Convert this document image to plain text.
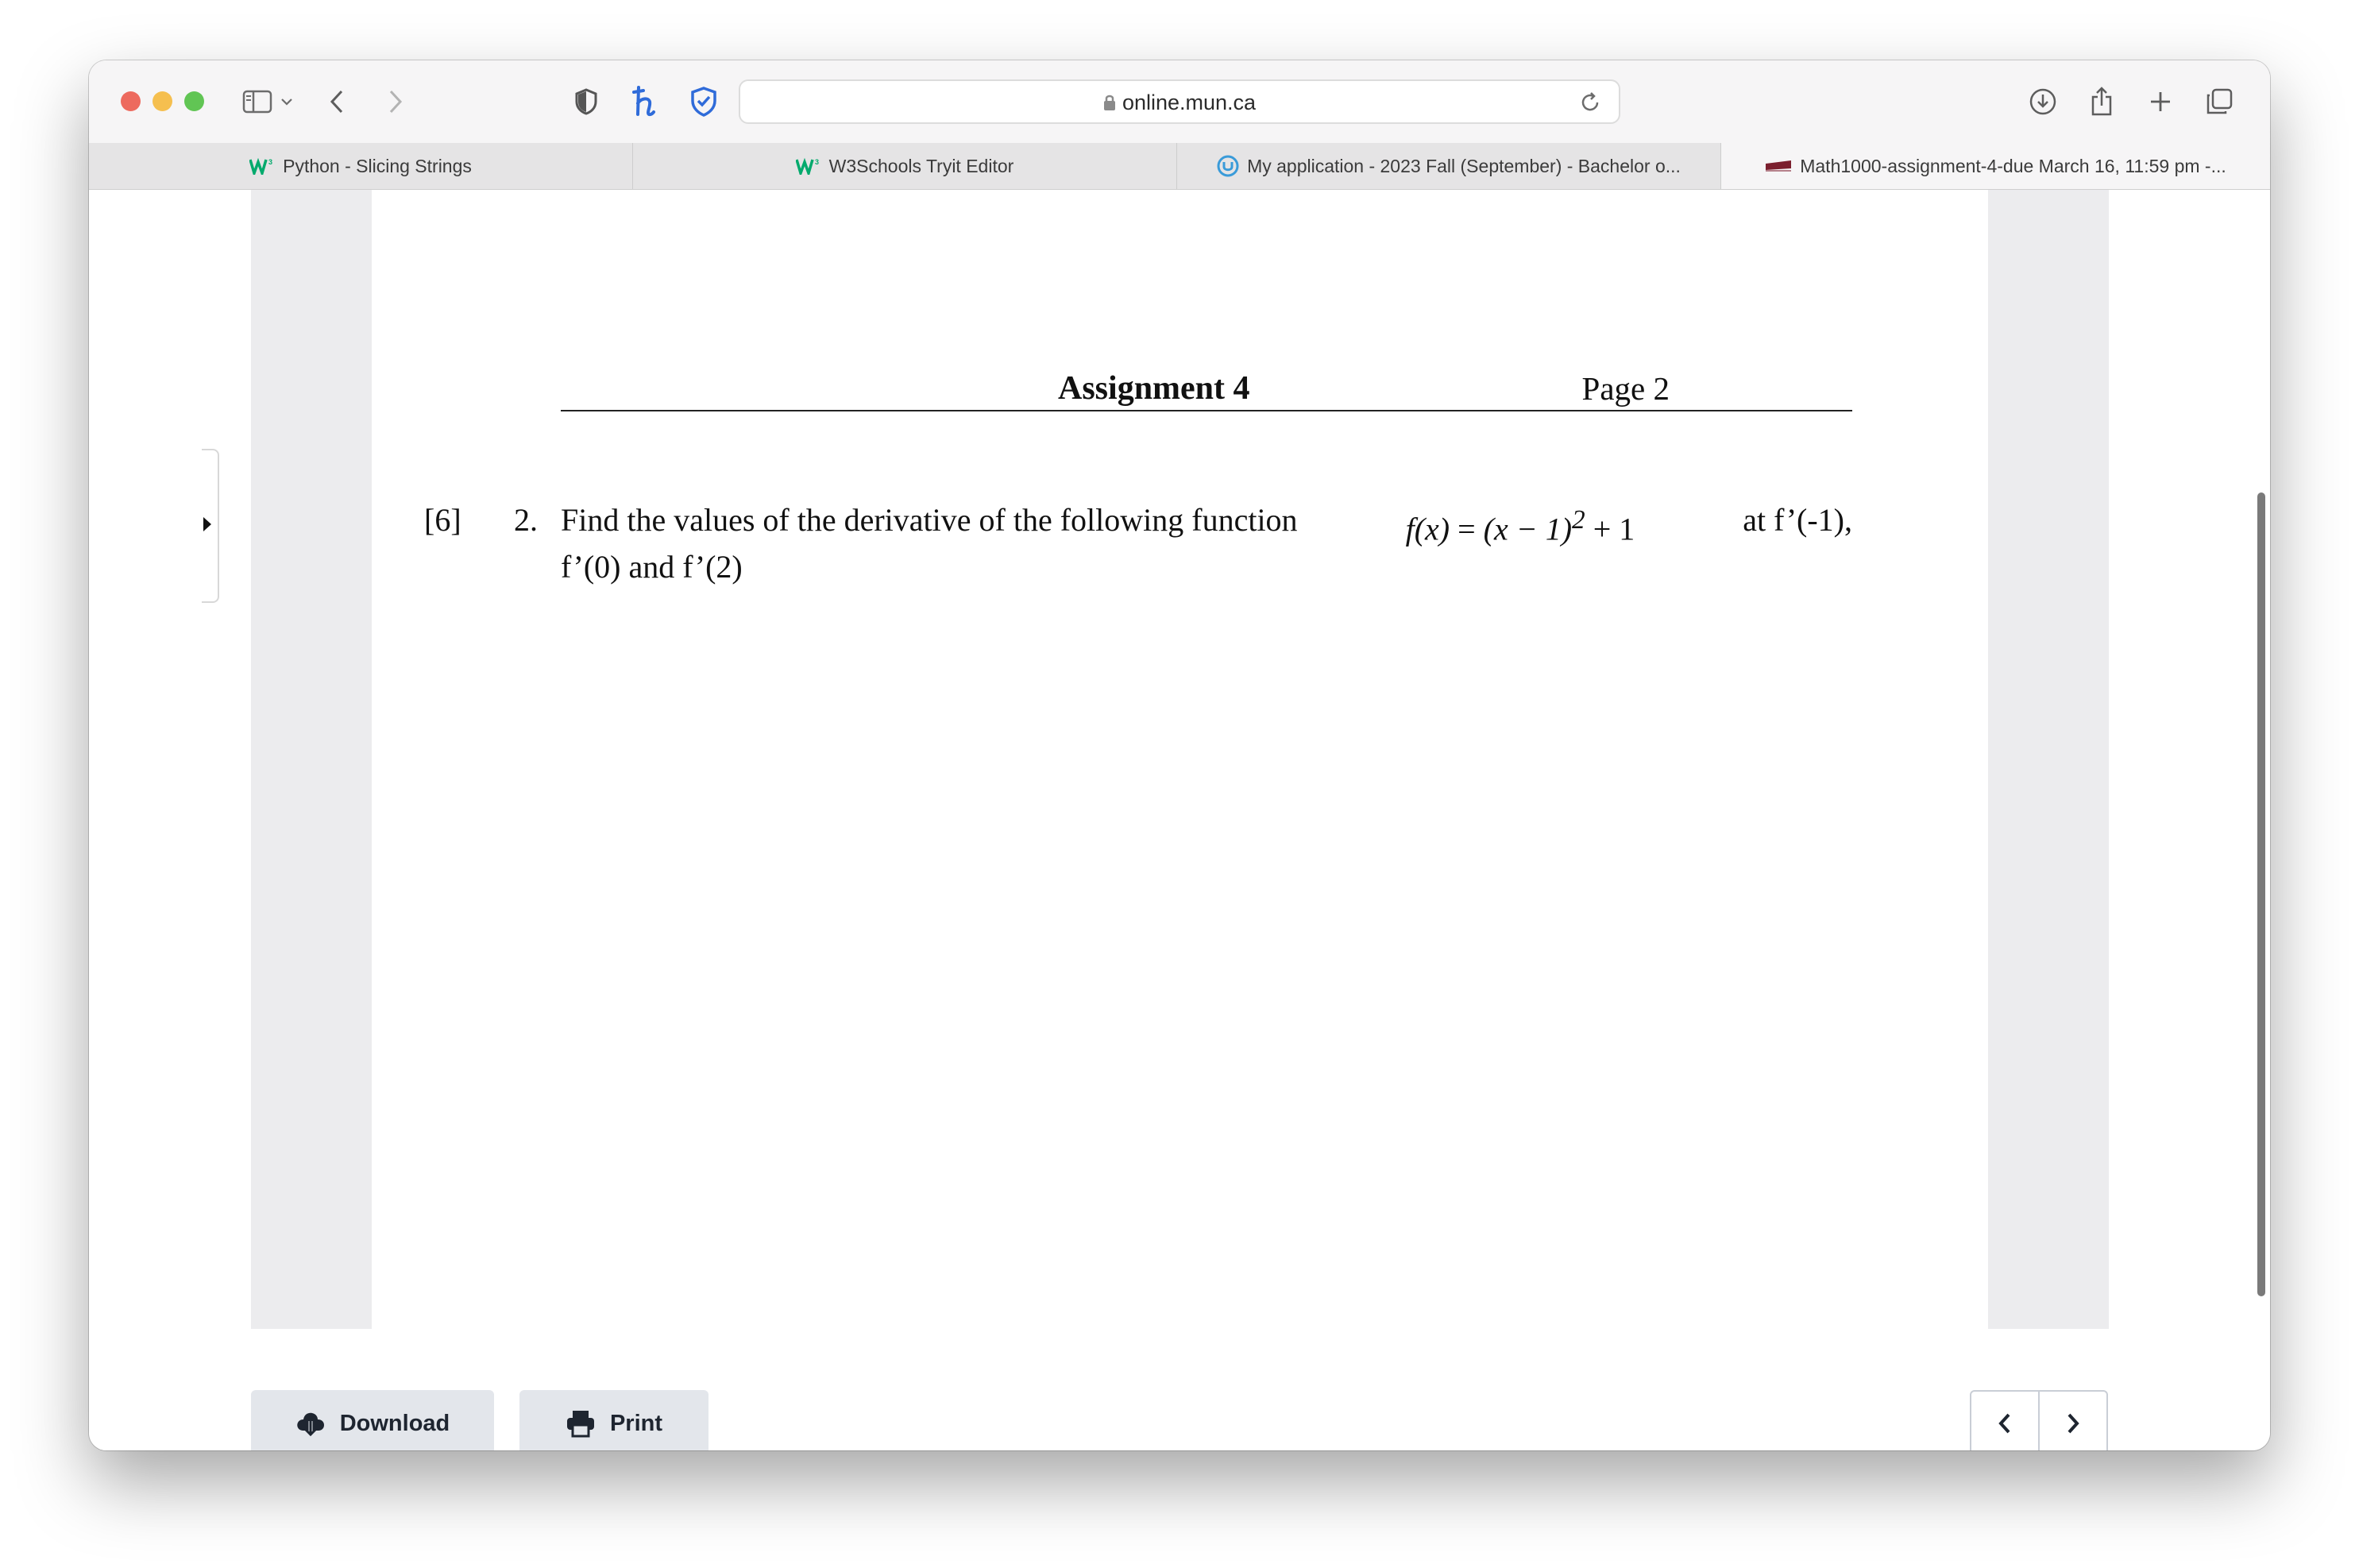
online.mun.ca
3 Python - Slicing Strings	3 W3Schools Tryit Editor	My application - 2023 Fall (September) - Bachelor o...	Math1000-assignment-4-due March 16, 11:59 pm -...
Assignment 4	Page 2
[6] 2. Find the values of the derivative of the following function	$f(x) = (x - 1)^2 + 1$	at f’(-1),
f’(0) and f’(2)
Download	Print
